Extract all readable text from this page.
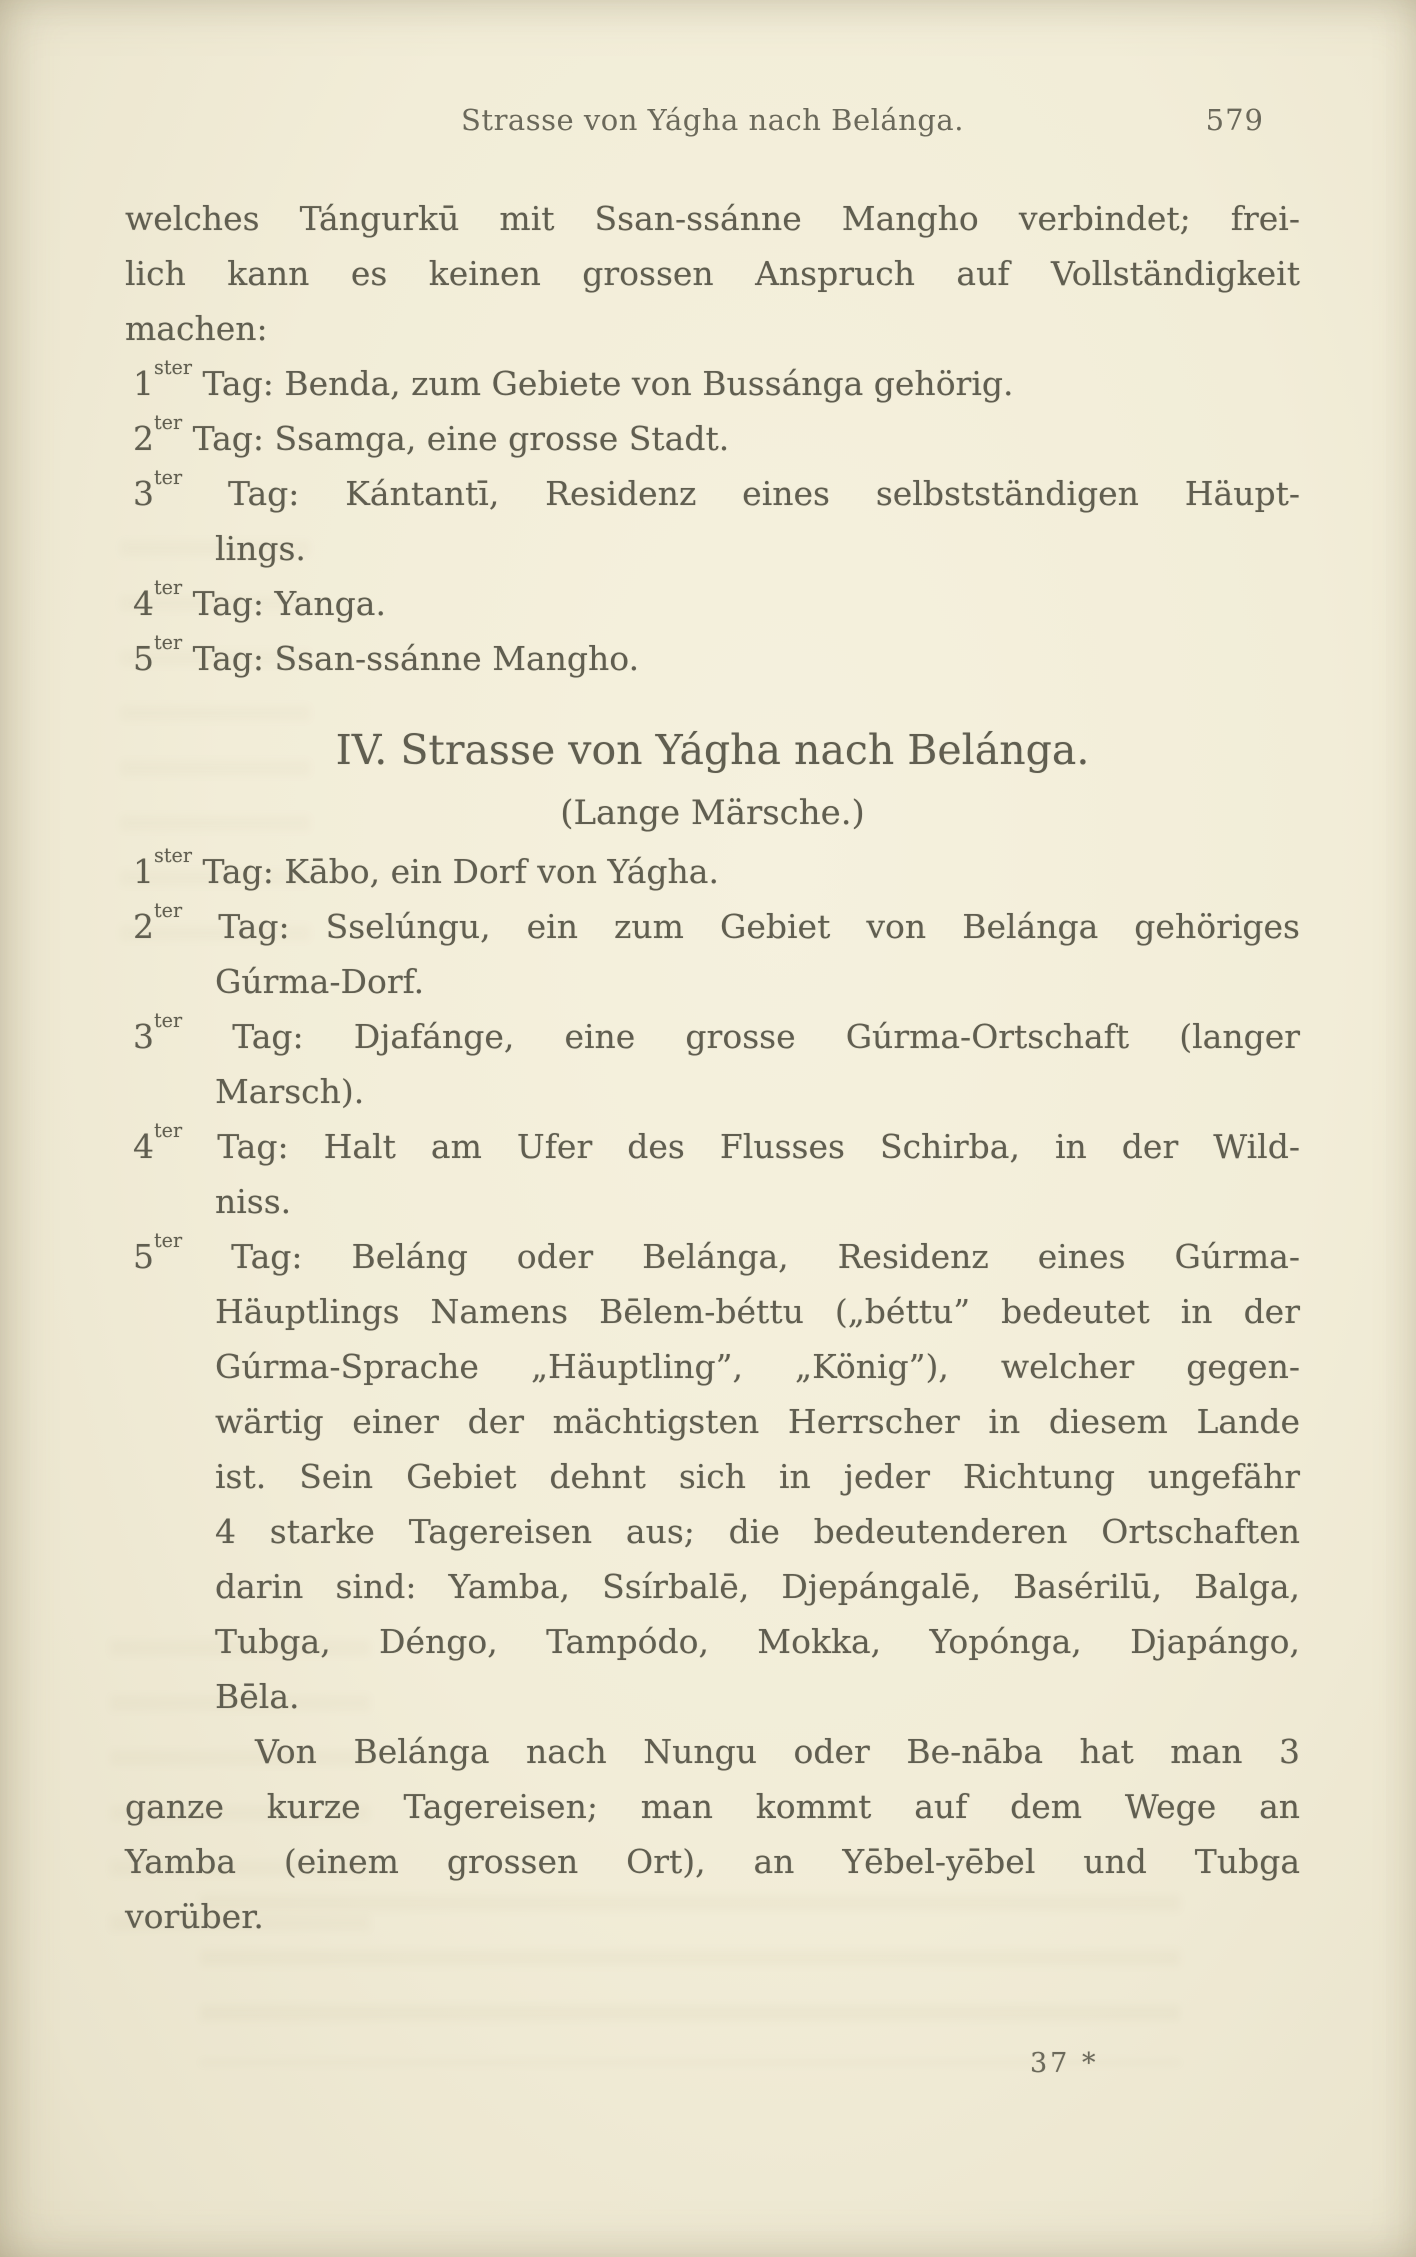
Strasse von Yágha nach Belánga.	579
welches Tángurkū mit Ssan-ssánne Mangho verbindet; frei-
lich kann es keinen grossen Anspruch auf Vollständigkeit
machen:
$1^{ster}$ Tag: Benda, zum Gebiete von Bussánga gehörig.
$2^{ter}$ Tag: Ssamga, eine grosse Stadt.
$3^{ter}$ Tag: Kántantī, Residenz eines selbstständigen Häupt-
lings.
$4^{ter}$ Tag: Yanga.
$5^{ter}$ Tag: Ssan-ssánne Mangho.
IV. Strasse von Yágha nach Belánga.
(Lange Märsche.)
$1^{ster}$ Tag: Kābo, ein Dorf von Yágha.
$2^{ter}$ Tag: Sselúngu, ein zum Gebiet von Belánga gehöriges
Gúrma-Dorf.
$3^{ter}$ Tag: Djafánge, eine grosse Gúrma-Ortschaft (langer
Marsch).
$4^{ter}$ Tag: Halt am Ufer des Flusses Schirba, in der Wild-
niss.
$5^{ter}$ Tag: Beláng oder Belánga, Residenz eines Gúrma-
Häuptlings Namens Bēlem-béttu („béttu” bedeutet in der
Gúrma-Sprache „Häuptling”, „König”), welcher gegen-
wärtig einer der mächtigsten Herrscher in diesem Lande
ist. Sein Gebiet dehnt sich in jeder Richtung ungefähr
4 starke Tagereisen aus; die bedeutenderen Ortschaften
darin sind: Yamba, Ssírbalē, Djepángalē, Basérilū, Balga,
Tubga, Déngo, Tampódo, Mokka, Yopónga, Djapángo,
Bēla.
Von Belánga nach Nungu oder Be-nāba hat man 3
ganze kurze Tagereisen; man kommt auf dem Wege an
Yamba (einem grossen Ort), an Yēbel-yēbel und Tubga
vorüber.
37 *
